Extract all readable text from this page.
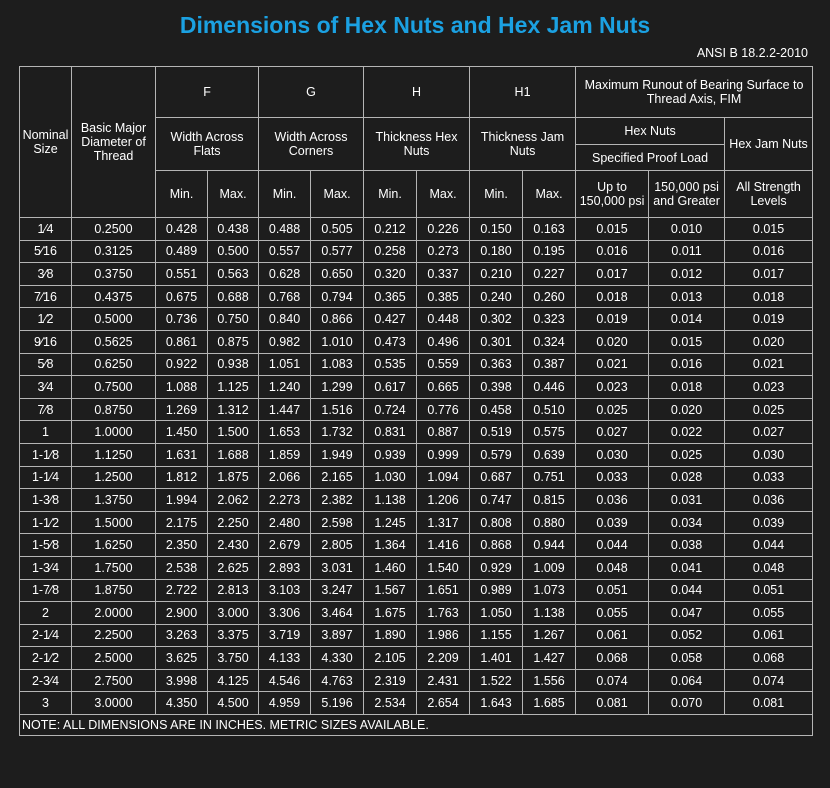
Dimensions of Hex Nuts and Hex Jam Nuts
ANSI B 18.2.2-2010
Nominal Size	Basic Major Diameter of Thread	F		G		H		H1		Maximum Runout of Bearing Surface to Thread Axis, FIM		
		Width Across Flats		Width Across Corners		Thickness Hex Nuts		Thickness Jam Nuts		Hex Nuts		Hex Jam Nuts
										Specified Proof Load		
		Min.	Max.	Min.	Max.	Min.	Max.	Min.	Max.	Up to 150,000 psi	150,000 psi and Greater	All Strength Levels
1⁄4	0.2500	0.428	0.438	0.488	0.505	0.212	0.226	0.150	0.163	0.015	0.010	0.015
5⁄16	0.3125	0.489	0.500	0.557	0.577	0.258	0.273	0.180	0.195	0.016	0.011	0.016
3⁄8	0.3750	0.551	0.563	0.628	0.650	0.320	0.337	0.210	0.227	0.017	0.012	0.017
7⁄16	0.4375	0.675	0.688	0.768	0.794	0.365	0.385	0.240	0.260	0.018	0.013	0.018
1⁄2	0.5000	0.736	0.750	0.840	0.866	0.427	0.448	0.302	0.323	0.019	0.014	0.019
9⁄16	0.5625	0.861	0.875	0.982	1.010	0.473	0.496	0.301	0.324	0.020	0.015	0.020
5⁄8	0.6250	0.922	0.938	1.051	1.083	0.535	0.559	0.363	0.387	0.021	0.016	0.021
3⁄4	0.7500	1.088	1.125	1.240	1.299	0.617	0.665	0.398	0.446	0.023	0.018	0.023
7⁄8	0.8750	1.269	1.312	1.447	1.516	0.724	0.776	0.458	0.510	0.025	0.020	0.025
1	1.0000	1.450	1.500	1.653	1.732	0.831	0.887	0.519	0.575	0.027	0.022	0.027
1-1⁄8	1.1250	1.631	1.688	1.859	1.949	0.939	0.999	0.579	0.639	0.030	0.025	0.030
1-1⁄4	1.2500	1.812	1.875	2.066	2.165	1.030	1.094	0.687	0.751	0.033	0.028	0.033
1-3⁄8	1.3750	1.994	2.062	2.273	2.382	1.138	1.206	0.747	0.815	0.036	0.031	0.036
1-1⁄2	1.5000	2.175	2.250	2.480	2.598	1.245	1.317	0.808	0.880	0.039	0.034	0.039
1-5⁄8	1.6250	2.350	2.430	2.679	2.805	1.364	1.416	0.868	0.944	0.044	0.038	0.044
1-3⁄4	1.7500	2.538	2.625	2.893	3.031	1.460	1.540	0.929	1.009	0.048	0.041	0.048
1-7⁄8	1.8750	2.722	2.813	3.103	3.247	1.567	1.651	0.989	1.073	0.051	0.044	0.051
2	2.0000	2.900	3.000	3.306	3.464	1.675	1.763	1.050	1.138	0.055	0.047	0.055
2-1⁄4	2.2500	3.263	3.375	3.719	3.897	1.890	1.986	1.155	1.267	0.061	0.052	0.061
2-1⁄2	2.5000	3.625	3.750	4.133	4.330	2.105	2.209	1.401	1.427	0.068	0.058	0.068
2-3⁄4	2.7500	3.998	4.125	4.546	4.763	2.319	2.431	1.522	1.556	0.074	0.064	0.074
3	3.0000	4.350	4.500	4.959	5.196	2.534	2.654	1.643	1.685	0.081	0.070	0.081
NOTE: ALL DIMENSIONS ARE IN INCHES. METRIC SIZES AVAILABLE.												
